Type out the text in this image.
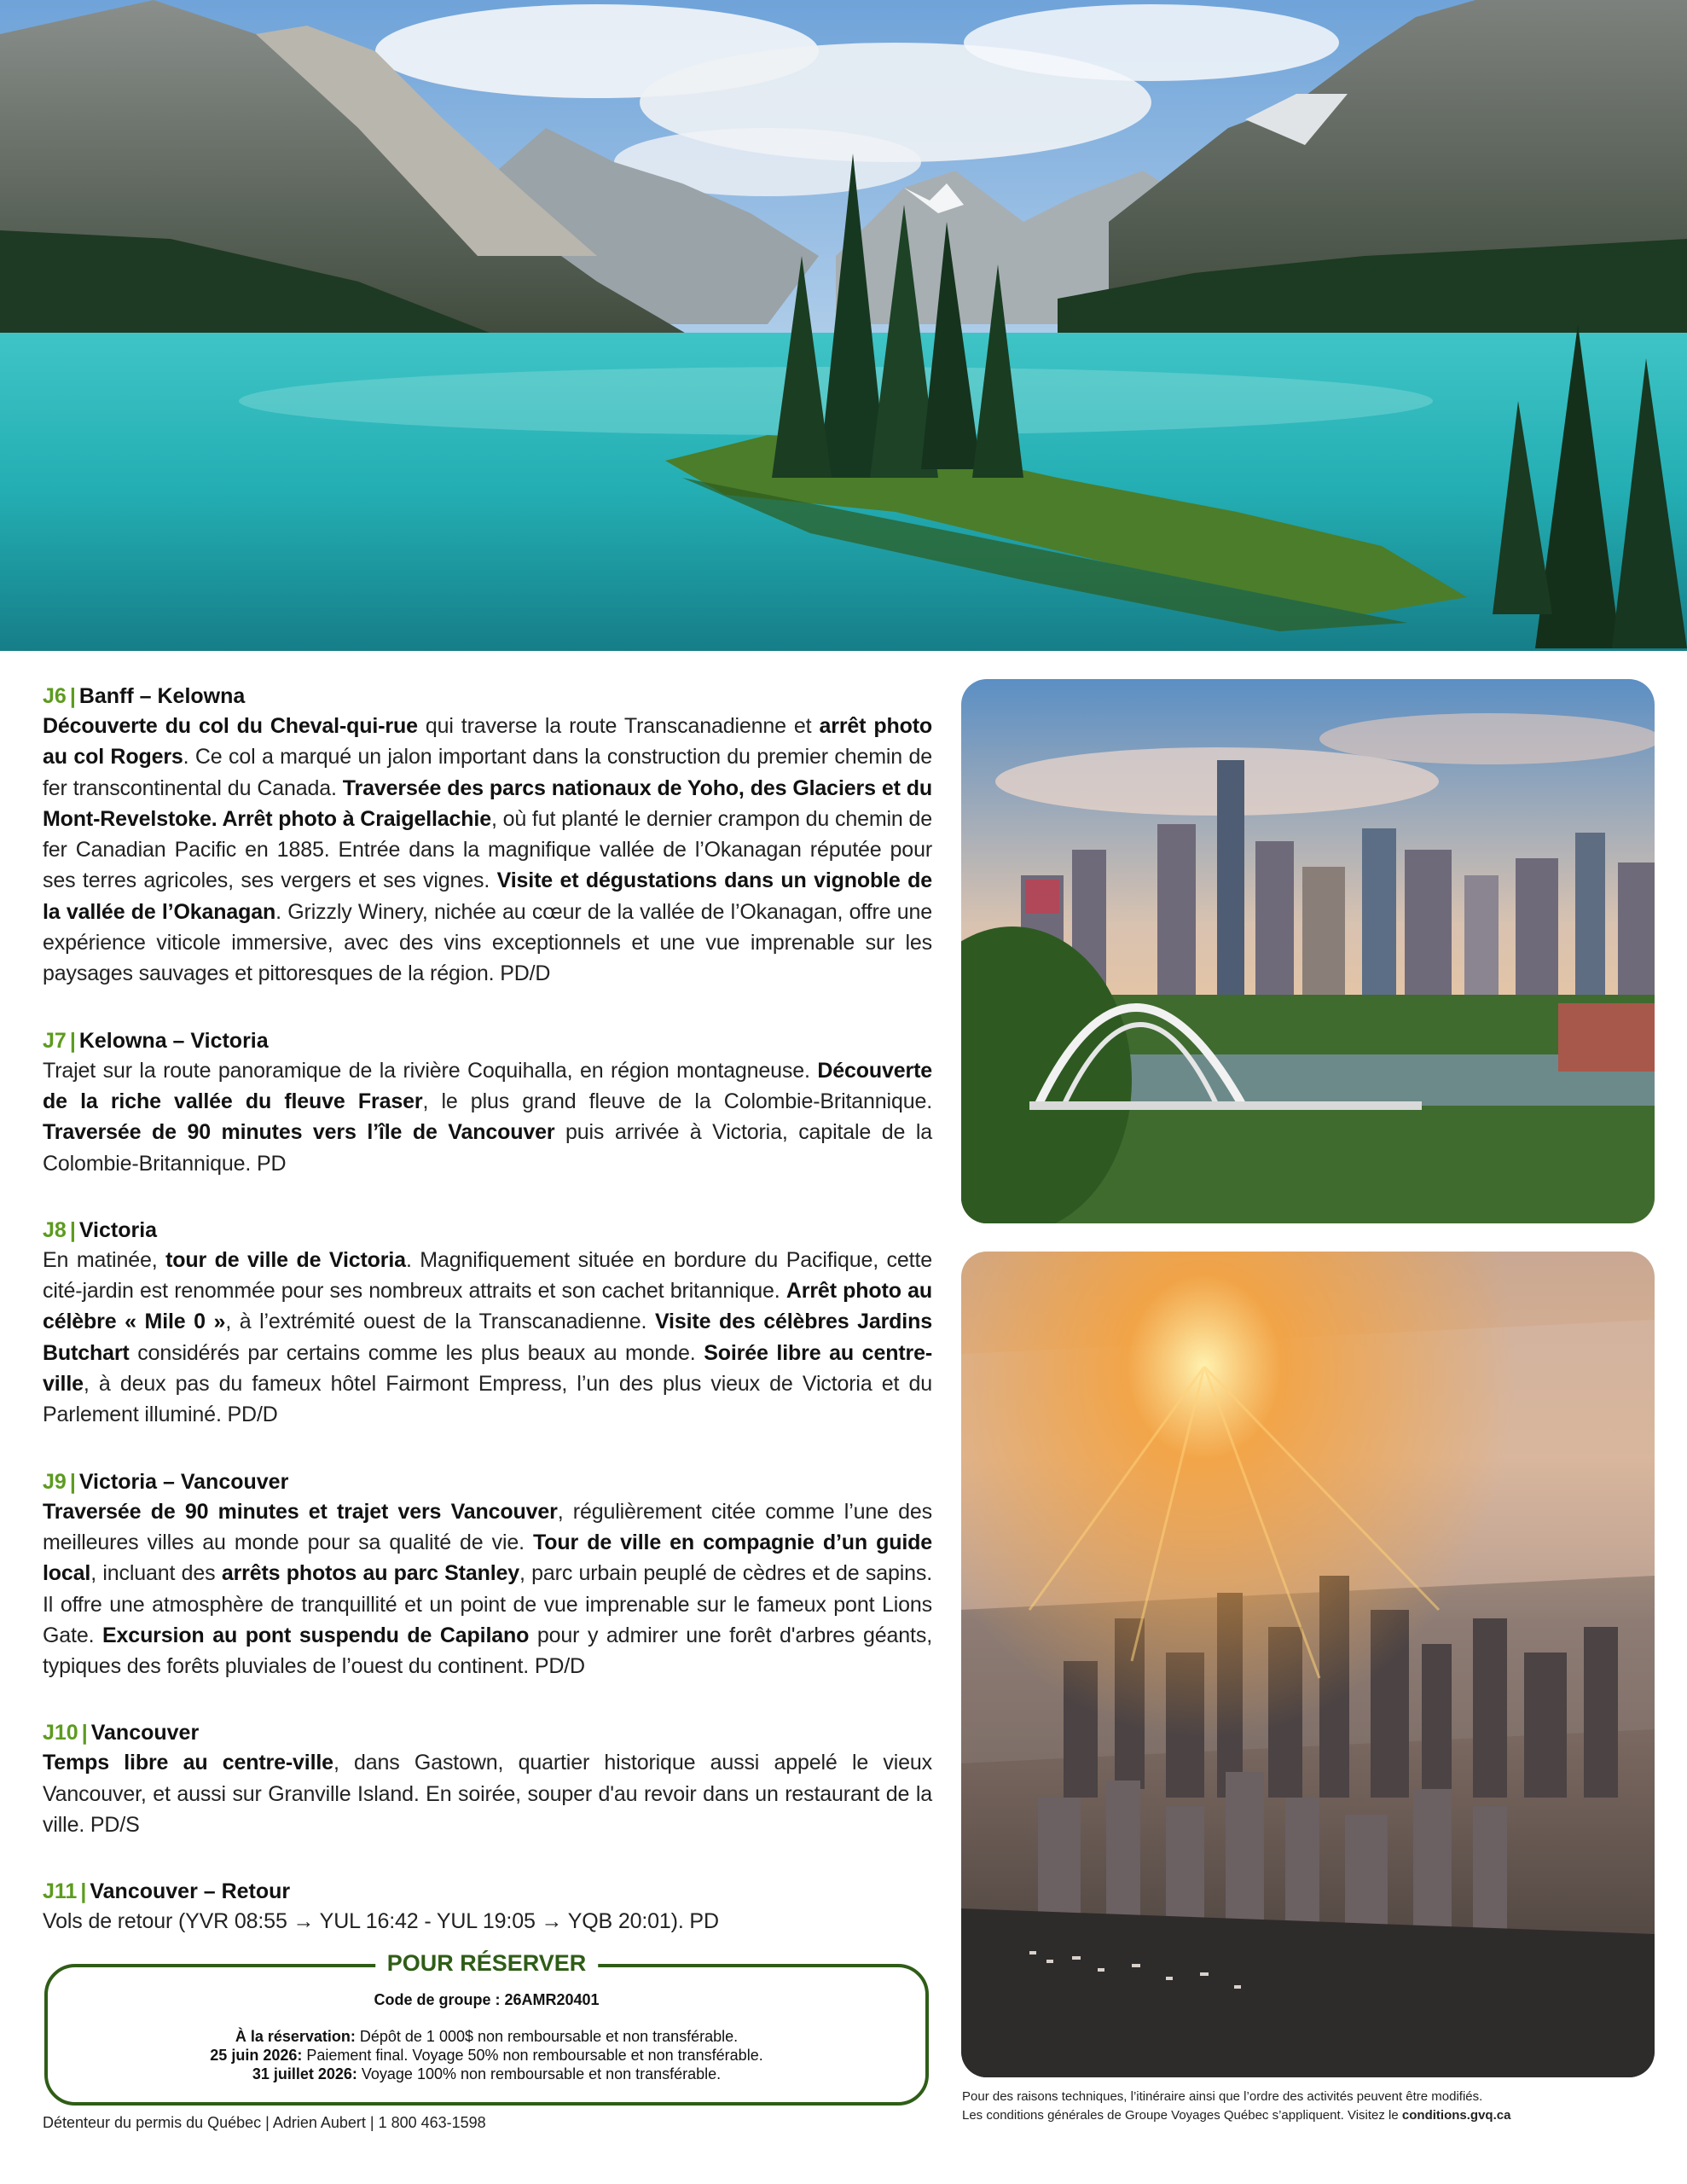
J6 | Banff – Kelowna
Découverte du col du Cheval-qui-rue qui traverse la route Transcanadienne et arrêt photo au col Rogers. Ce col a marqué un jalon important dans la construction du premier chemin de fer transcontinental du Canada. Traversée des parcs nationaux de Yoho, des Glaciers et du Mont-Revelstoke. Arrêt photo à Craigellachie, où fut planté le dernier crampon du chemin de fer Canadian Pacific en 1885. Entrée dans la magnifique vallée de l’Okanagan réputée pour ses terres agricoles, ses vergers et ses vignes. Visite et dégustations dans un vignoble de la vallée de l’Okanagan. Grizzly Winery, nichée au cœur de la vallée de l’Okanagan, offre une expérience viticole immersive, avec des vins exceptionnels et une vue imprenable sur les paysages sauvages et pittoresques de la région. PD/D
J7 | Kelowna – Victoria
Trajet sur la route panoramique de la rivière Coquihalla, en région montagneuse. Découverte de la riche vallée du fleuve Fraser, le plus grand fleuve de la Colombie-Britannique. Traversée de 90 minutes vers l’île de Vancouver puis arrivée à Victoria, capitale de la Colombie-Britannique. PD
J8 | Victoria
En matinée, tour de ville de Victoria. Magnifiquement située en bordure du Pacifique, cette cité-jardin est renommée pour ses nombreux attraits et son cachet britannique. Arrêt photo au célèbre « Mile 0 », à l’extrémité ouest de la Transcanadienne. Visite des célèbres Jardins Butchart considérés par certains comme les plus beaux au monde. Soirée libre au centre-ville, à deux pas du fameux hôtel Fairmont Empress, l’un des plus vieux de Victoria et du Parlement illuminé. PD/D
J9 | Victoria – Vancouver
Traversée de 90 minutes et trajet vers Vancouver, régulièrement citée comme l’une des meilleures villes au monde pour sa qualité de vie. Tour de ville en compagnie d’un guide local, incluant des arrêts photos au parc Stanley, parc urbain peuplé de cèdres et de sapins. Il offre une atmosphère de tranquillité et un point de vue imprenable sur le fameux pont Lions Gate. Excursion au pont suspendu de Capilano pour y admirer une forêt d'arbres géants, typiques des forêts pluviales de l’ouest du continent. PD/D
J10 | Vancouver
Temps libre au centre-ville, dans Gastown, quartier historique aussi appelé le vieux Vancouver, et aussi sur Granville Island. En soirée, souper d'au revoir dans un restaurant de la ville. PD/S
J11 | Vancouver – Retour
Vols de retour (YVR 08:55 → YUL 16:42 - YUL 19:05 → YQB 20:01). PD
POUR RÉSERVER
Code de groupe : 26AMR20401
À la réservation: Dépôt de 1 000$ non remboursable et non transférable.
25 juin 2026: Paiement final. Voyage 50% non remboursable et non transférable.
31 juillet 2026: Voyage 100% non remboursable et non transférable.
Détenteur du permis du Québec | Adrien Aubert | 1 800 463-1598
Pour des raisons techniques, l’itinéraire ainsi que l’ordre des activités peuvent être modifiés.
Les conditions générales de Groupe Voyages Québec s’appliquent. Visitez le conditions.gvq.ca
